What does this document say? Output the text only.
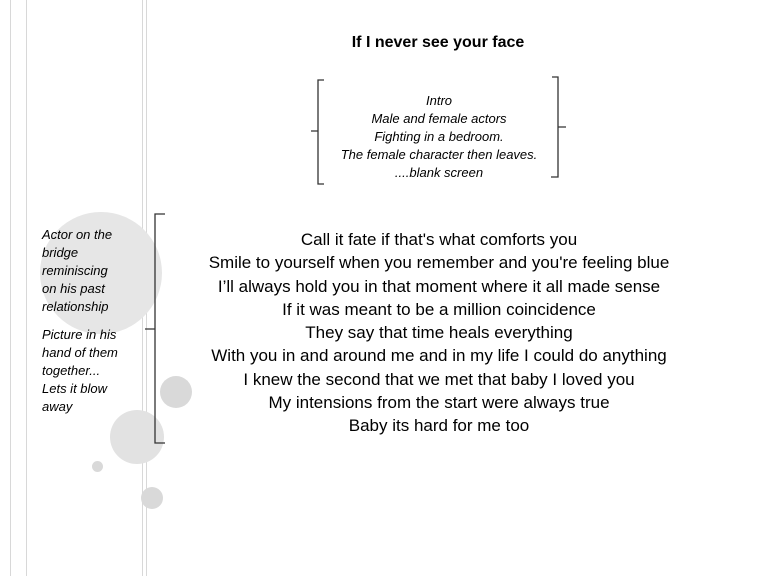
If I never see your face
Intro
Male and female actors
Fighting in a bedroom.
The female character then leaves.
....blank screen
Actor on the
bridge
reminiscing
on his past
relationship
Picture in his
hand of them
together...
Lets it blow
away
Call it fate if that's what comforts you
Smile to yourself when you remember and you're feeling blue
I’ll always hold you in that moment where it all made sense
If it was meant to be a million coincidence
They say that time heals everything
With you in and around me and in my life I could do anything
I knew the second that we met that baby I loved you
My intensions from the start were always true
Baby its hard for me too
